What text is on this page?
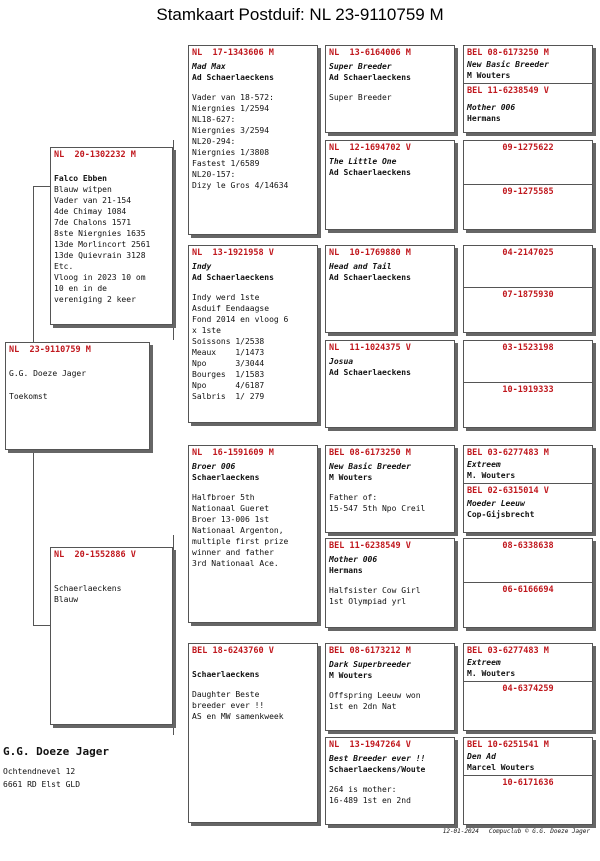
Stamkaart Postduif: NL 23-9110759 M
NL  23-9110759 M
G.G. Doeze Jager
Toekomst
NL  20-1302232 M
Falco Ebben
Blauw witpen
Vader van 21-154
4de Chimay 1084
7de Chalons 1571
8ste Niergnies 1635
13de Morlincort 2561
13de Quievrain 3128
Etc.
Vloog in 2023 10 om
10 en in de
vereniging 2 keer
NL  20-1552886 V
Schaerlaeckens
Blauw
NL  17-1343606 M
Mad Max
Ad Schaerlaeckens
Vader van 18-572:
Niergnies 1/2594
NL18-627:
Niergnies 3/2594
NL20-294:
Niergnies 1/3808
Fastest 1/6589
NL20-157:
Dizy le Gros 4/14634
NL  13-1921958 V
Indy
Ad Schaerlaeckens
Indy werd 1ste
Asduif Eendaagse
Fond 2014 en vloog 6
x 1ste
Soissons 1/2538
Meaux    1/1473
Npo      3/3044
Bourges  1/1583
Npo      4/6187
Salbris  1/ 279
NL  16-1591609 M
Broer 006
Schaerlaeckens
Halfbroer 5th
Nationaal Gueret
Broer 13-006 1st
Nationaal Argenton,
multiple first prize
winner and father
3rd Nationaal Ace.
BEL 18-6243760 V
Schaerlaeckens
Daughter Beste
breeder ever !!
AS en MW samenkweek
NL  13-6164006 M
Super Breeder
Ad Schaerlaeckens
Super Breeder
NL  12-1694702 V
The Little One
Ad Schaerlaeckens
NL  10-1769880 M
Head and Tail
Ad Schaerlaeckens
NL  11-1024375 V
Josua
Ad Schaerlaeckens
BEL 08-6173250 M
New Basic Breeder
M Wouters
Father of:
15-547 5th Npo Creil
BEL 11-6238549 V
Mother 006
Hermans
Halfsister Cow Girl
1st Olympiad yrl
BEL 08-6173212 M
Dark Superbreeder
M Wouters
Offspring Leeuw won
1st en 2dn Nat
NL  13-1947264 V
Best Breeder ever !!
Schaerlaeckens/Woute
264 is mother:
16-489 1st en 2nd
BEL 08-6173250 M
New Basic Breeder
M Wouters
BEL 11-6238549 V
Mother 006
Hermans
09-1275622
09-1275585
04-2147025
07-1875930
03-1523198
10-1919333
BEL 03-6277483 M
Extreem
M. Wouters
BEL 02-6315014 V
Moeder Leeuw
Cop-Gijsbrecht
08-6338638
06-6166694
BEL 03-6277483 M
Extreem
M. Wouters
04-6374259
BEL 10-6251541 M
Den Ad
Marcel Wouters
10-6171636
G.G. Doeze Jager
Ochtendnevel 12
6661 RD Elst GLD
12-01-2024 Compuclub © G.G. Doeze Jager
